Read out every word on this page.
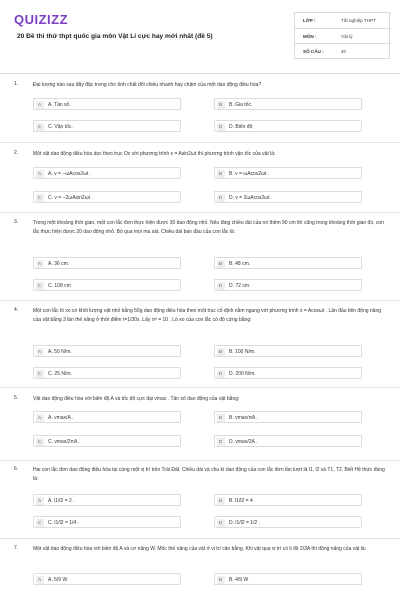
QUIZIZZ
20 Đề thi thử thpt quốc gia môn Vật Lí cực hay mới nhất (đề 5)
LỚP :	Tốt nghiệp THPT
MÔN :	Vật lý
SỐ CÂU :	40
1.	Đại lượng nào sau đây đặc trưng cho tính chất đổi chiều nhanh hay chậm của một dao động điều hòa?
A	A. Tần số.	B	B. Gia tốc.
C	C. Vận tốc.	D	D. Biên độ
2.	Một vật dao động điều hòa dọc theo trục Ox với phương trình x = Asin2ωt thì phương trình vận tốc của vật là:
A	A. v = −ωAcos2ωt .	B	B. v = ωAcos2ωt .
C	C. v = −2ωAsin2ωt .	D	D. v = 2ωAcos2ωt .
3.	Trong một khoảng thời gian, một con lắc đơn thực hiện được 30 dao động nhỏ. Nếu tăng chiều dài của nó thêm 90 cm thì cũng trong khoảng thời gian đó, con lắc thực hiện được 20 dao động nhỏ. Bỏ qua mọi ma sát. Chiều dài ban đầu của con lắc là:
A	A. 36 cm.	B	B. 48 cm.
C	C. 108 cm	D	D. 72 cm.
4.	Một con lắc lò xo có khối lượng vật nhỏ bằng 50g dao động điều hòa theo một trục cố định nằm ngang với phương trình x = Acosωt . Lần đầu tiên động năng của vật bằng 3 lần thế năng ở thời điểm t=1/30s .Lấy π² = 10 . Lò xo của con lắc có độ cứng bằng:
A	A. 50 N/m.	B	B. 100 N/m.
C	C. 25 N/m.	D	D. 200 N/m.
5.	Vật dao động điều hòa với biên độ A và tốc độ cực đại vmax . Tần số dao động của vật bằng:
A	A. vmax/A .	B	B. vmax/πA .
C	C. vmax/2πA .	D	D. vmax/2A .
6.	Hai con lắc đơn dao động điều hòa tại cùng một vị trí trên Trái Đất. Chiều dài và chu kì dao động của con lắc đơn lần lượt là l1, l2 và T1, T2. Biết Hệ thức đúng là:
A	A. l1/l2 = 2 .	B	B. l1/l2 = 4 .
C	C. l1/l2 = 1/4 .	D	D. l1/l2 = 1/2 .
7.	Một vật dao động điều hòa với biên độ A và cơ năng W. Mốc thế năng của vật ở vị trí cân bằng. Khi vật qua vị trí có li độ 2/3A thì động năng của vật là:
A	A. 5/9 W	B	B. 4/9 W
